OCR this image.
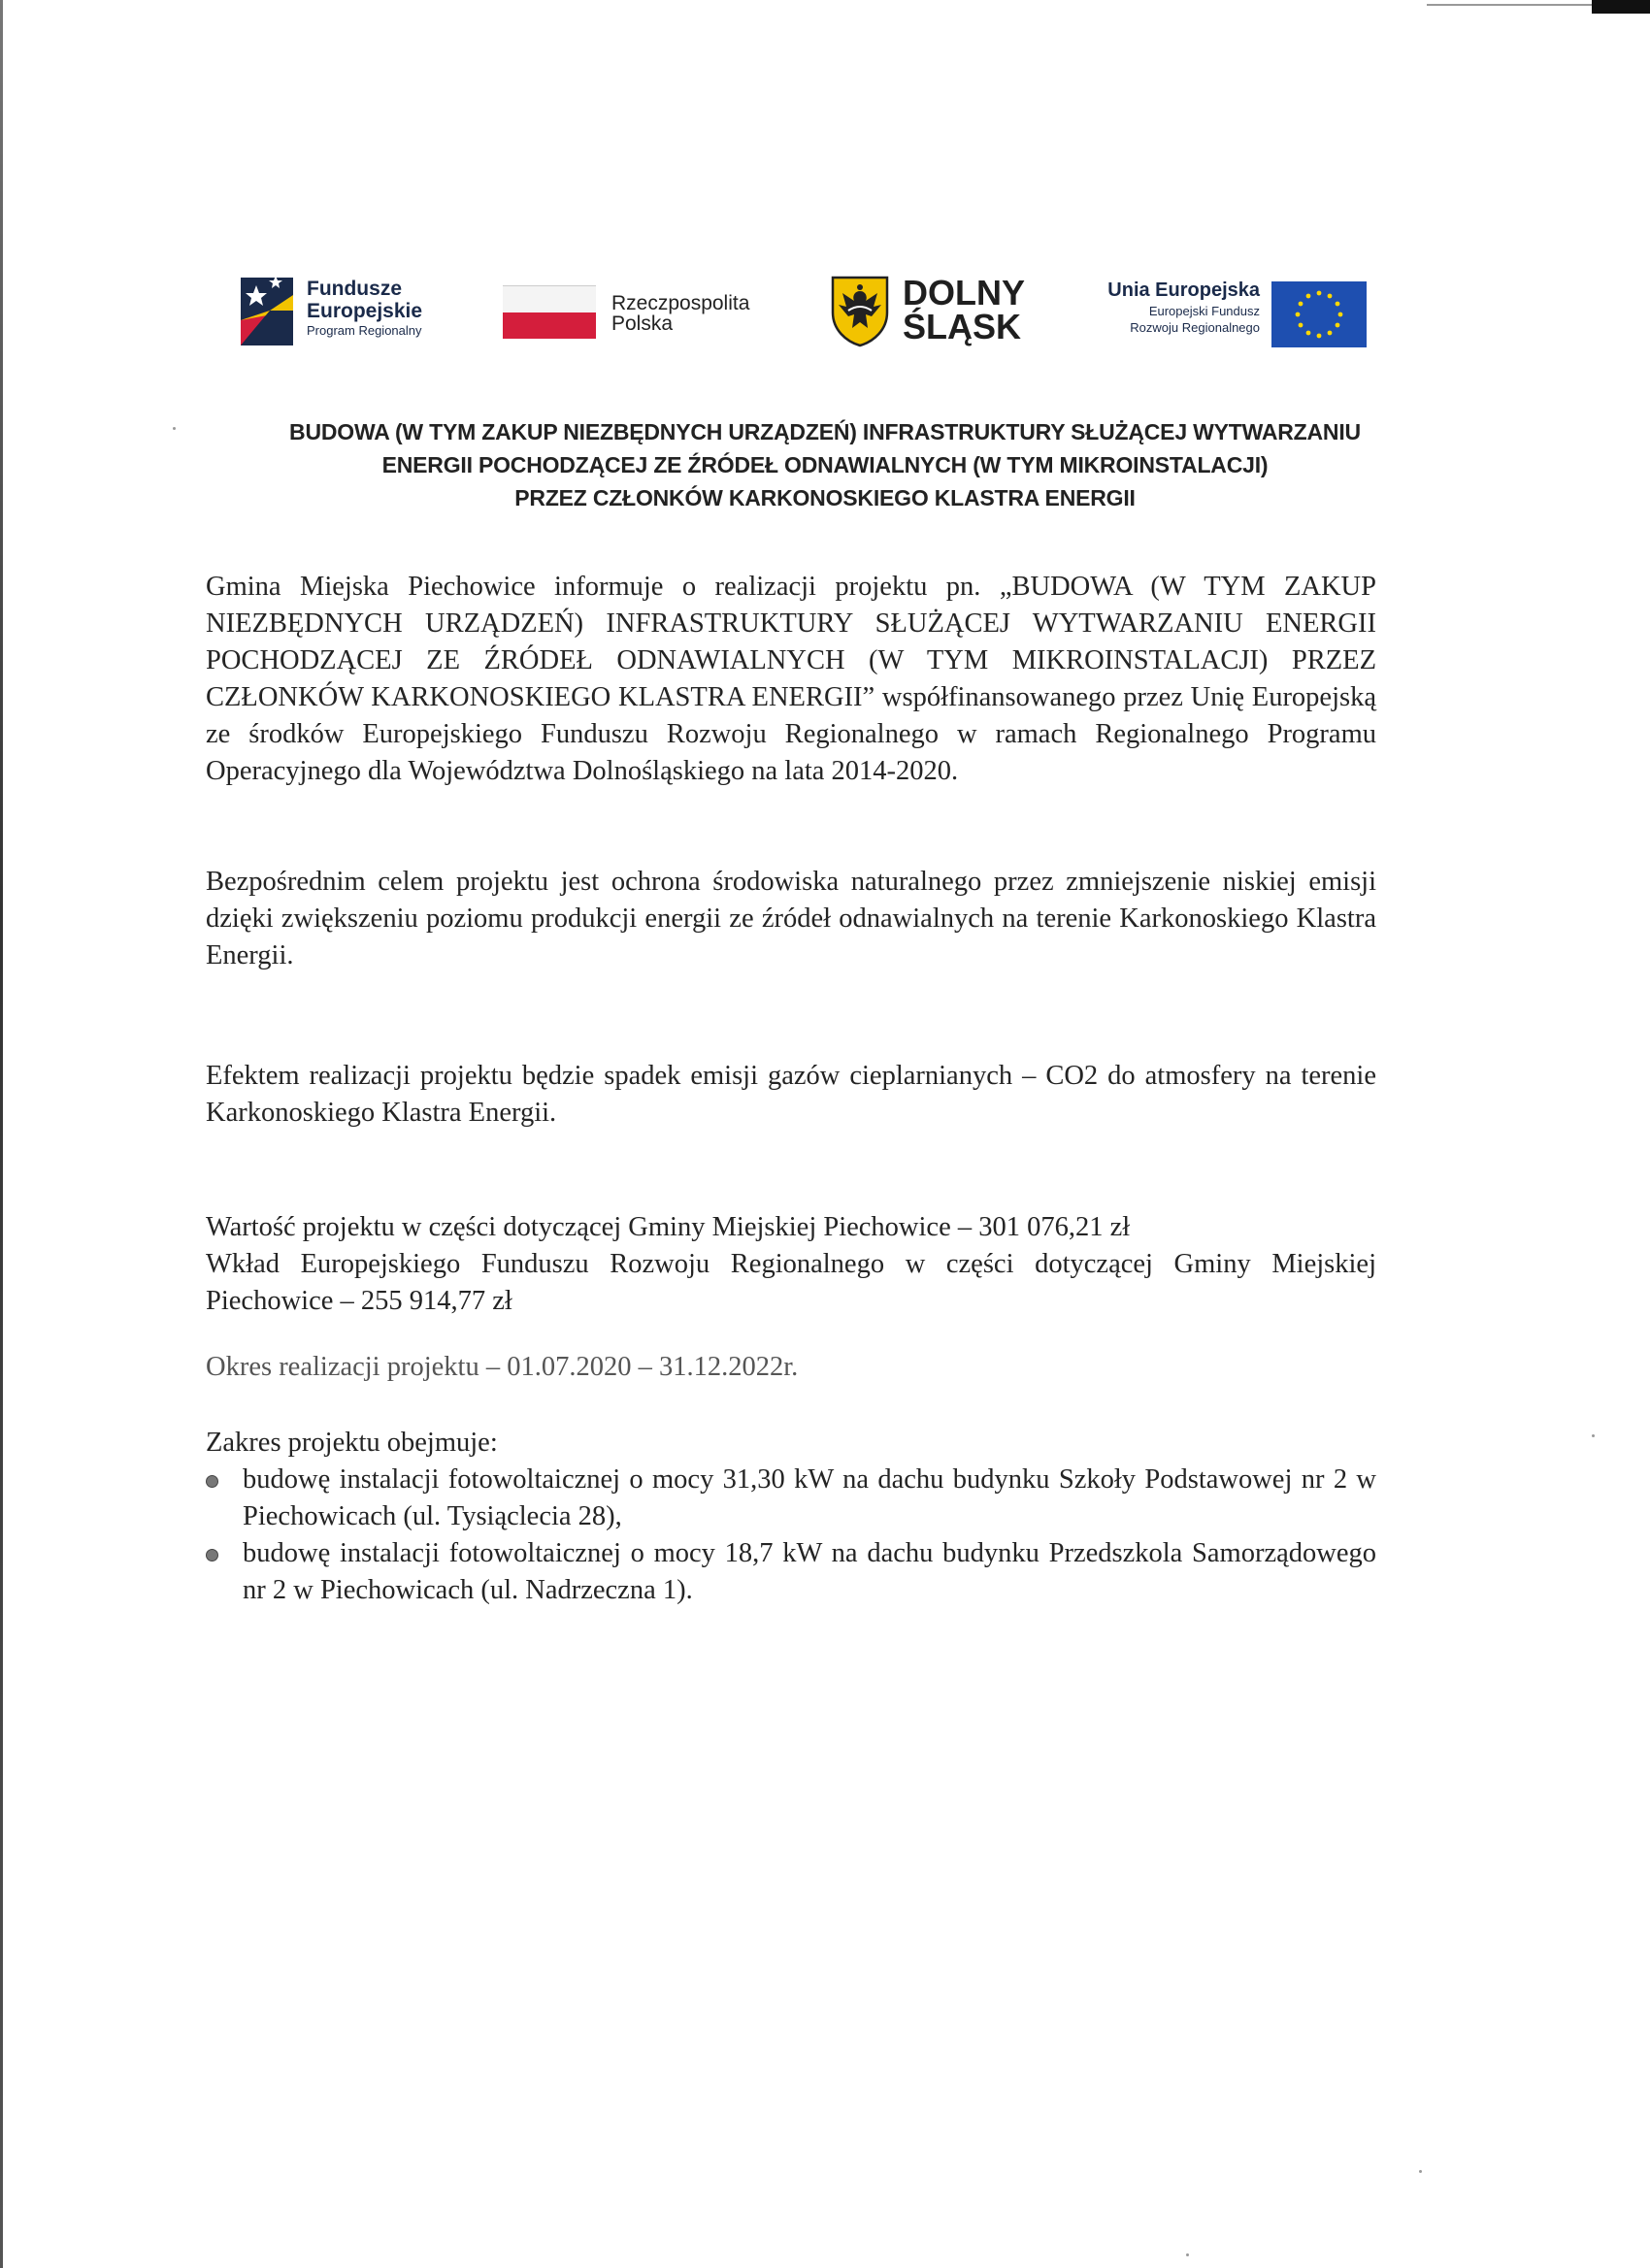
Fundusze
Europejskie
Program Regionalny
Rzeczpospolita
Polska
DOLNY
ŚLĄSK
Unia Europejska
Europejski Fundusz
Rozwoju Regionalnego
BUDOWA (W TYM ZAKUP NIEZBĘDNYCH URZĄDZEŃ) INFRASTRUKTURY SŁUŻĄCEJ WYTWARZANIU
ENERGII POCHODZĄCEJ ZE ŹRÓDEŁ ODNAWIALNYCH (W TYM MIKROINSTALACJI)
PRZEZ CZŁONKÓW KARKONOSKIEGO KLASTRA ENERGII
Gmina Miejska Piechowice informuje o realizacji projektu pn. „BUDOWA (W TYM ZAKUP NIEZBĘDNYCH URZĄDZEŃ) INFRASTRUKTURY SŁUŻĄCEJ WYTWARZANIU ENERGII POCHODZĄCEJ ZE ŹRÓDEŁ ODNAWIALNYCH (W TYM MIKROINSTALACJI) PRZEZ CZŁONKÓW KARKONOSKIEGO KLASTRA ENERGII” współfinansowanego przez Unię Europejską ze środków Europejskiego Funduszu Rozwoju Regionalnego w ramach Regionalnego Programu Operacyjnego dla Województwa Dolnośląskiego na lata 2014-2020.
Bezpośrednim celem projektu jest ochrona środowiska naturalnego przez zmniejszenie niskiej emisji dzięki zwiększeniu poziomu produkcji energii ze źródeł odnawialnych na terenie Karkonoskiego Klastra Energii.
Efektem realizacji projektu będzie spadek emisji gazów cieplarnianych – CO2 do atmosfery na terenie Karkonoskiego Klastra Energii.
Wartość projektu w części dotyczącej Gminy Miejskiej Piechowice – 301 076,21 zł
Wkład Europejskiego Funduszu Rozwoju Regionalnego w części dotyczącej Gminy Miejskiej Piechowice – 255 914,77 zł
Okres realizacji projektu – 01.07.2020 – 31.12.2022r.
Zakres projektu obejmuje:
budowę instalacji fotowoltaicznej o mocy 31,30 kW na dachu budynku Szkoły Podstawowej nr 2 w Piechowicach (ul. Tysiąclecia 28),
budowę instalacji fotowoltaicznej o mocy 18,7 kW na dachu budynku Przedszkola Samorządowego nr 2 w Piechowicach (ul. Nadrzeczna 1).
